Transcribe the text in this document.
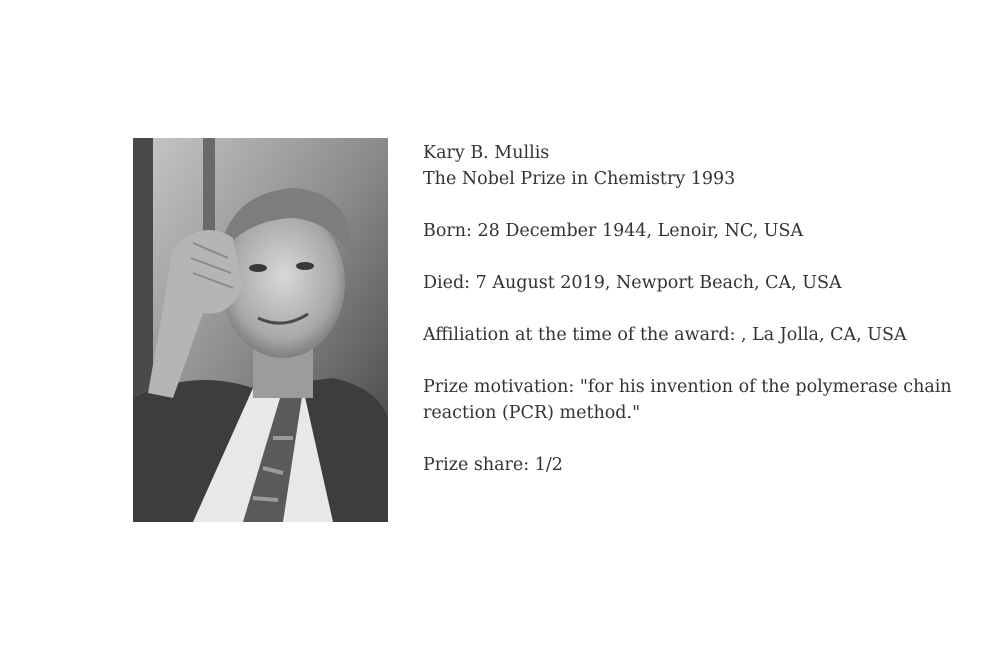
Kary B. Mullis

The Nobel Prize in Chemistry 1993

Born: 28 December 1944, Lenoir, NC, USA

Died: 7 August 2019, Newport Beach, CA, USA

Affiliation at the time of the award: , La Jolla, CA, USA

Prize motivation: "for his invention of the polymerase chain reaction (PCR) method."

Prize share: 1/2
